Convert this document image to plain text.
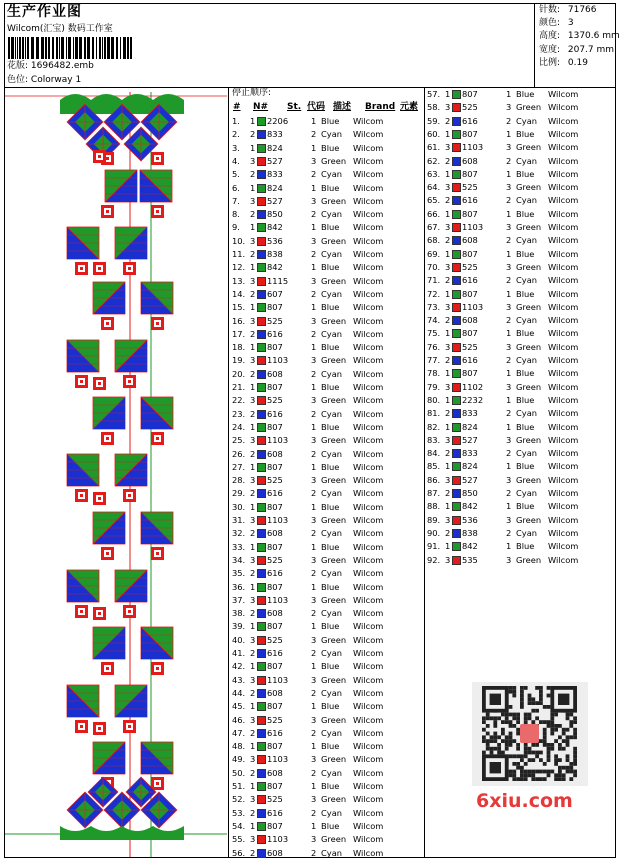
生产作业图
Wilcom(汇宝) 数码工作室
花版: 1696482.emb
色位: Colorway 1
针数: 71766
颜色: 3
高度: 1370.6 mm
宽度: 207.7 mm
比例: 0.19
停止顺序:
# N# St. 代码 描述 Brand 元素
1. 1 2206	1 Blue Wilcom
2. 2 833	2 Cyan Wilcom
3. 1 824	1 Blue Wilcom
4. 3 527	3 Green Wilcom
5. 2 833	2 Cyan Wilcom
6. 1 824	1 Blue Wilcom
7. 3 527	3 Green Wilcom
8. 2 850	2 Cyan Wilcom
9. 1 842	1 Blue Wilcom
10. 3 536	3 Green Wilcom
11. 2 838	2 Cyan Wilcom
12. 1 842	1 Blue Wilcom
13. 3 1115	3 Green Wilcom
14. 2 607	2 Cyan Wilcom
15. 1 807	1 Blue Wilcom
16. 3 525	3 Green Wilcom
17. 2 616	2 Cyan Wilcom
18. 1 807	1 Blue Wilcom
19. 3 1103	3 Green Wilcom
20. 2 608	2 Cyan Wilcom
21. 1 807	1 Blue Wilcom
22. 3 525	3 Green Wilcom
23. 2 616	2 Cyan Wilcom
24. 1 807	1 Blue Wilcom
25. 3 1103	3 Green Wilcom
26. 2 608	2 Cyan Wilcom
27. 1 807	1 Blue Wilcom
28. 3 525	3 Green Wilcom
29. 2 616	2 Cyan Wilcom
30. 1 807	1 Blue Wilcom
31. 3 1103	3 Green Wilcom
32. 2 608	2 Cyan Wilcom
33. 1 807	1 Blue Wilcom
34. 3 525	3 Green Wilcom
35. 2 616	2 Cyan Wilcom
36. 1 807	1 Blue Wilcom
37. 3 1103	3 Green Wilcom
38. 2 608	2 Cyan Wilcom
39. 1 807	1 Blue Wilcom
40. 3 525	3 Green Wilcom
41. 2 616	2 Cyan Wilcom
42. 1 807	1 Blue Wilcom
43. 3 1103	3 Green Wilcom
44. 2 608	2 Cyan Wilcom
45. 1 807	1 Blue Wilcom
46. 3 525	3 Green Wilcom
47. 2 616	2 Cyan Wilcom
48. 1 807	1 Blue Wilcom
49. 3 1103	3 Green Wilcom
50. 2 608	2 Cyan Wilcom
51. 1 807	1 Blue Wilcom
52. 3 525	3 Green Wilcom
53. 2 616	2 Cyan Wilcom
54. 1 807	1 Blue Wilcom
55. 3 1103	3 Green Wilcom
56. 2 608	2 Cyan Wilcom
57. 1 807	1 Blue Wilcom
58. 3 525	3 Green Wilcom
59. 2 616	2 Cyan Wilcom
60. 1 807	1 Blue Wilcom
61. 3 1103	3 Green Wilcom
62. 2 608	2 Cyan Wilcom
63. 1 807	1 Blue Wilcom
64. 3 525	3 Green Wilcom
65. 2 616	2 Cyan Wilcom
66. 1 807	1 Blue Wilcom
67. 3 1103	3 Green Wilcom
68. 2 608	2 Cyan Wilcom
69. 1 807	1 Blue Wilcom
70. 3 525	3 Green Wilcom
71. 2 616	2 Cyan Wilcom
72. 1 807	1 Blue Wilcom
73. 3 1103	3 Green Wilcom
74. 2 608	2 Cyan Wilcom
75. 1 807	1 Blue Wilcom
76. 3 525	3 Green Wilcom
77. 2 616	2 Cyan Wilcom
78. 1 807	1 Blue Wilcom
79. 3 1102	3 Green Wilcom
80. 1 2232	1 Blue Wilcom
81. 2 833	2 Cyan Wilcom
82. 1 824	1 Blue Wilcom
83. 3 527	3 Green Wilcom
84. 2 833	2 Cyan Wilcom
85. 1 824	1 Blue Wilcom
86. 3 527	3 Green Wilcom
87. 2 850	2 Cyan Wilcom
88. 1 842	1 Blue Wilcom
89. 3 536	3 Green Wilcom
90. 2 838	2 Cyan Wilcom
91. 1 842	1 Blue Wilcom
92. 3 535	3 Green Wilcom
6xiu.com
